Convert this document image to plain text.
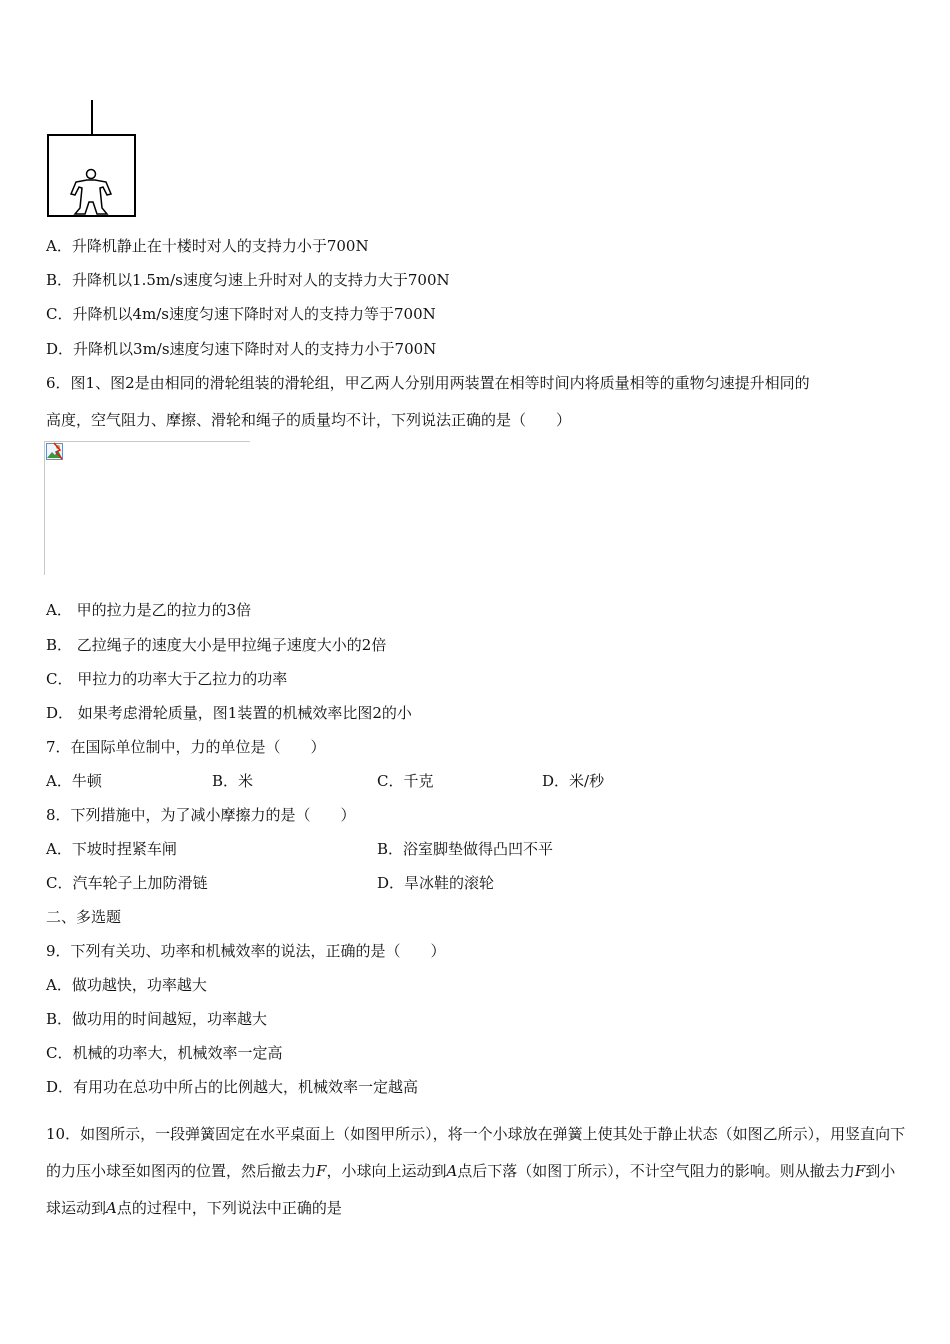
A．升降机静止在十楼时对人的支持力小于700N
B．升降机以1.5m/s速度匀速上升时对人的支持力大于700N
C．升降机以4m/s速度匀速下降时对人的支持力等于700N
D．升降机以3m/s速度匀速下降时对人的支持力小于700N
6．图1、图2是由相同的滑轮组装的滑轮组，甲乙两人分别用两装置在相等时间内将质量相等的重物匀速提升相同的
高度，空气阻力、摩擦、滑轮和绳子的质量均不计，下列说法正确的是（　　）
A． 甲的拉力是乙的拉力的3倍
B． 乙拉绳子的速度大小是甲拉绳子速度大小的2倍
C． 甲拉力的功率大于乙拉力的功率
D． 如果考虑滑轮质量，图1装置的机械效率比图2的小
7．在国际单位制中，力的单位是（　　）
A．牛顿	B．米	C．千克	D．米/秒
8．下列措施中，为了减小摩擦力的是（　　）
A．下坡时捏紧车闸	B．浴室脚垫做得凸凹不平
C．汽车轮子上加防滑链	D．旱冰鞋的滚轮
二、多选题
9．下列有关功、功率和机械效率的说法，正确的是（　　）
A．做功越快，功率越大
B．做功用的时间越短，功率越大
C．机械的功率大，机械效率一定高
D．有用功在总功中所占的比例越大，机械效率一定越高
10．如图所示，一段弹簧固定在水平桌面上（如图甲所示），将一个小球放在弹簧上使其处于静止状态（如图乙所示），用竖直向下的力压小球至如图丙的位置，然后撤去力F，小球向上运动到A点后下落（如图丁所示），不计空气阻力的影响。则从撤去力F到小球运动到A点的过程中，下列说法中正确的是
